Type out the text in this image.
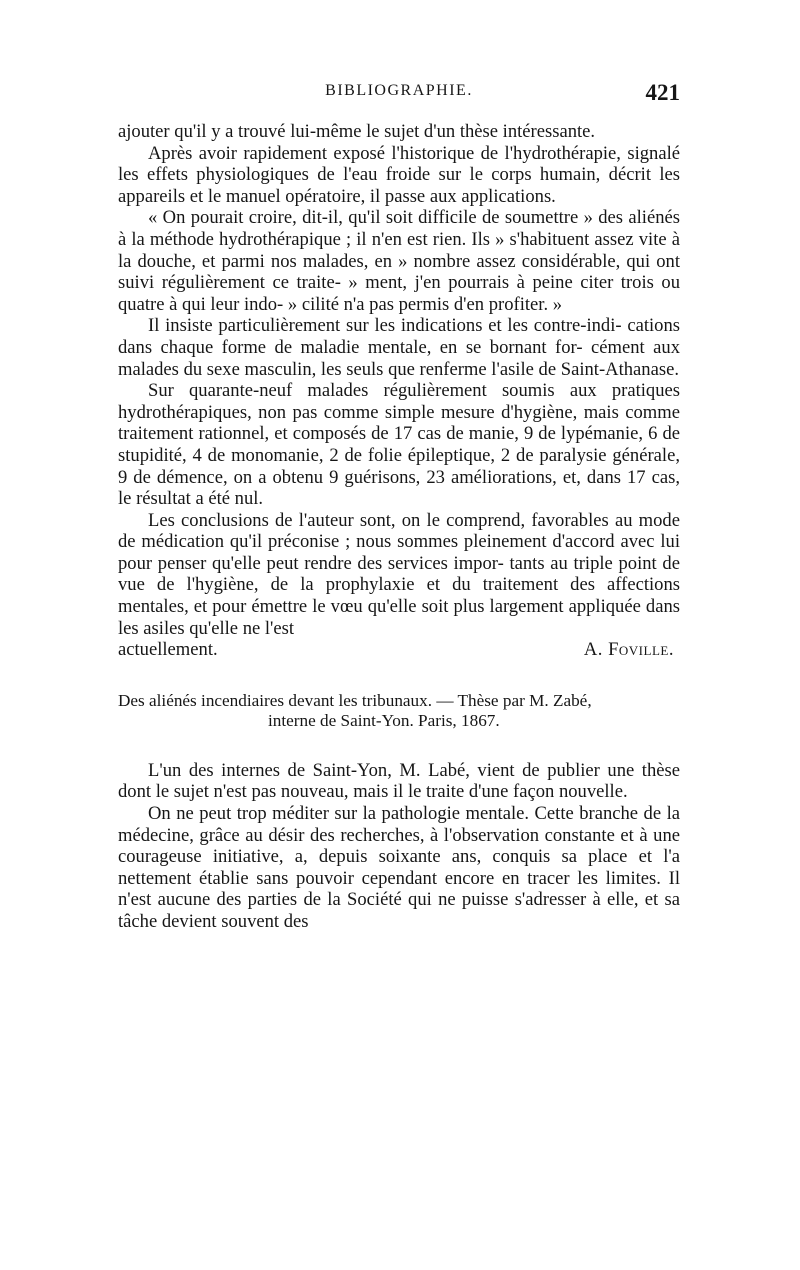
BIBLIOGRAPHIE.	421

ajouter qu'il y a trouvé lui-même le sujet d'un thèse intéressante.

Après avoir rapidement exposé l'historique de l'hydrothérapie, signalé les effets physiologiques de l'eau froide sur le corps humain, décrit les appareils et le manuel opératoire, il passe aux applications.

« On pourait croire, dit-il, qu'il soit difficile de soumettre » des aliénés à la méthode hydrothérapique ; il n'en est rien. Ils » s'habituent assez vite à la douche, et parmi nos malades, en » nombre assez considérable, qui ont suivi régulièrement ce traite- » ment, j'en pourrais à peine citer trois ou quatre à qui leur indo- » cilité n'a pas permis d'en profiter. »

Il insiste particulièrement sur les indications et les contre-indi- cations dans chaque forme de maladie mentale, en se bornant for- cément aux malades du sexe masculin, les seuls que renferme l'asile de Saint-Athanase.

Sur quarante-neuf malades régulièrement soumis aux pratiques hydrothérapiques, non pas comme simple mesure d'hygiène, mais comme traitement rationnel, et composés de 17 cas de manie, 9 de lypémanie, 6 de stupidité, 4 de monomanie, 2 de folie épileptique, 2 de paralysie générale, 9 de démence, on a obtenu 9 guérisons, 23 améliorations, et, dans 17 cas, le résultat a été nul.

Les conclusions de l'auteur sont, on le comprend, favorables au mode de médication qu'il préconise ; nous sommes pleinement d'accord avec lui pour penser qu'elle peut rendre des services impor- tants au triple point de vue de l'hygiène, de la prophylaxie et du traitement des affections mentales, et pour émettre le vœu qu'elle soit plus largement appliquée dans les asiles qu'elle ne l'est

actuellement.	A. Foville.
Des aliénés incendiaires devant les tribunaux. — Thèse par M. Zabé,
interne de Saint-Yon. Paris, 1867.

L'un des internes de Saint-Yon, M. Labé, vient de publier une thèse dont le sujet n'est pas nouveau, mais il le traite d'une façon nouvelle.

On ne peut trop méditer sur la pathologie mentale. Cette branche de la médecine, grâce au désir des recherches, à l'observation constante et à une courageuse initiative, a, depuis soixante ans, conquis sa place et l'a nettement établie sans pouvoir cependant encore en tracer les limites. Il n'est aucune des parties de la Société qui ne puisse s'adresser à elle, et sa tâche devient souvent des
